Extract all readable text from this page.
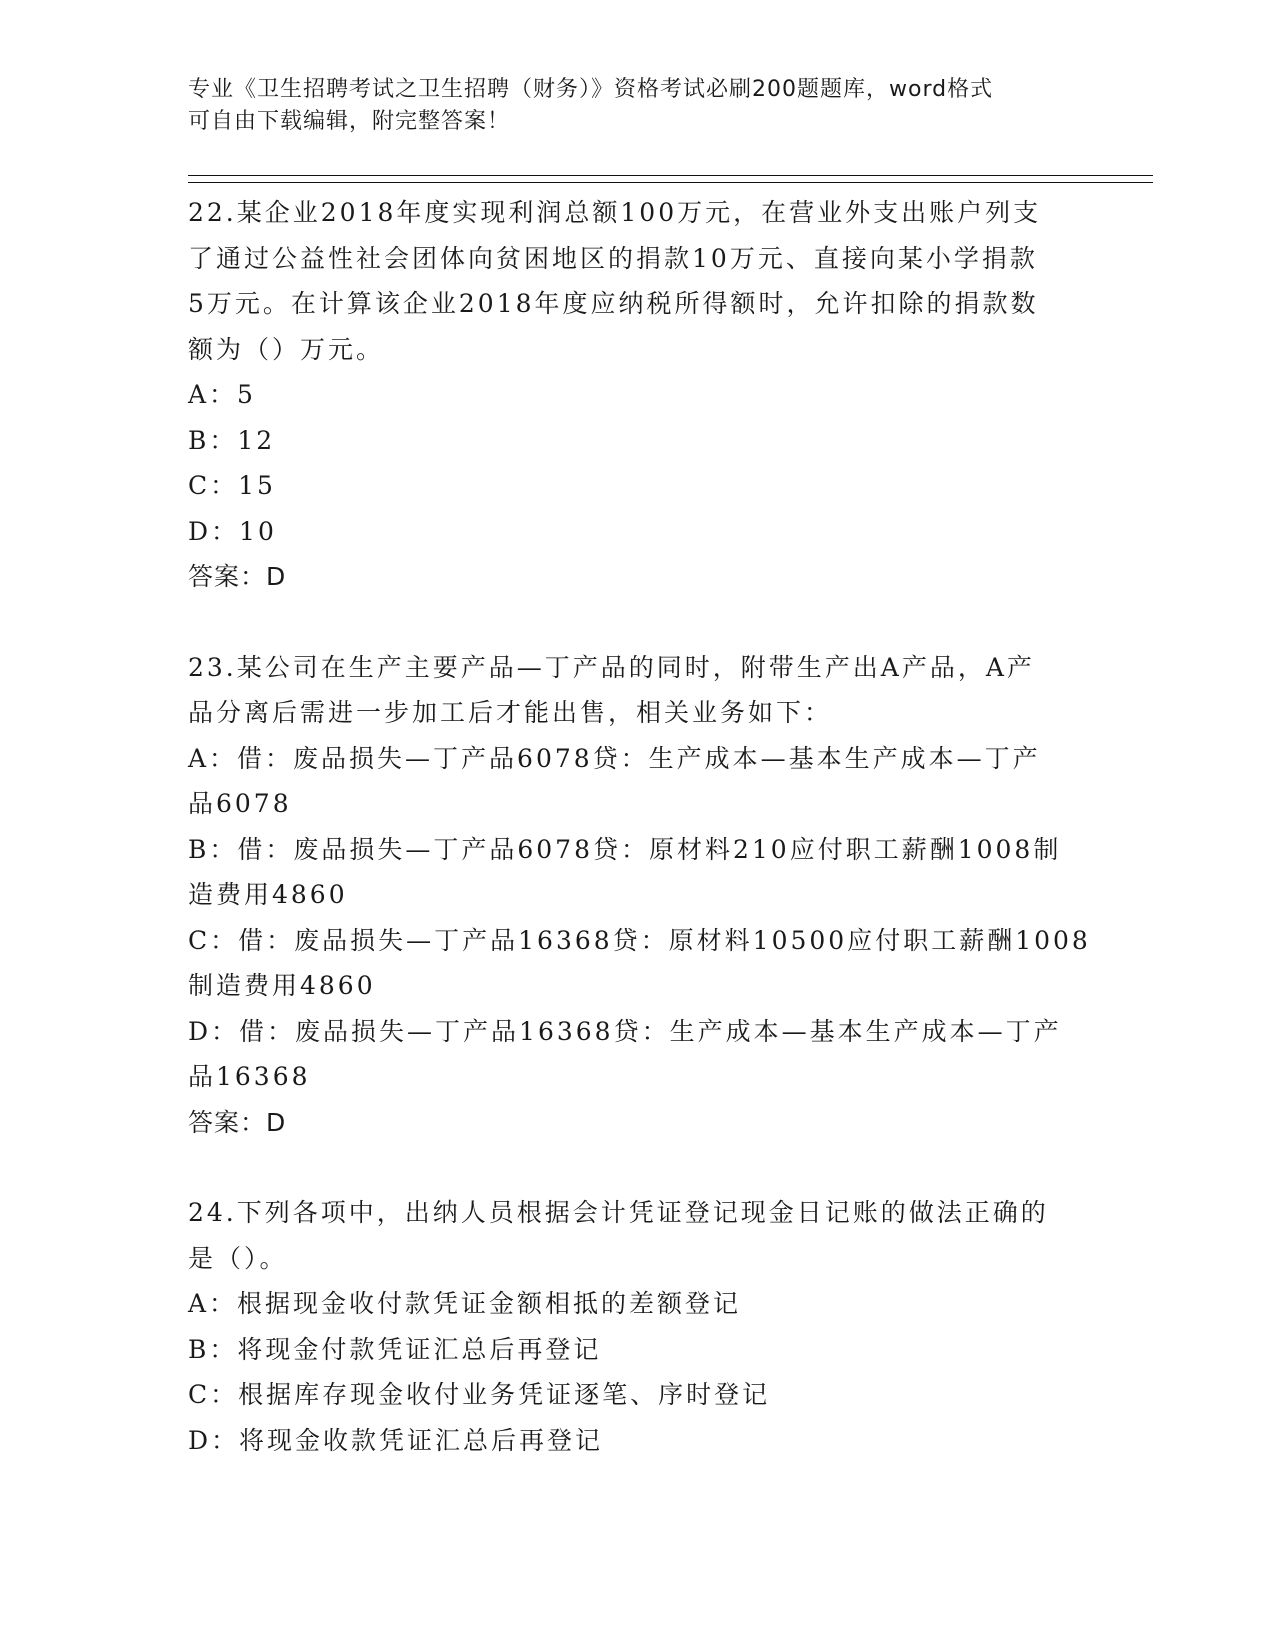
专业《卫生招聘考试之卫生招聘（财务）》资格考试必刷200题题库，word格式
可自由下载编辑，附完整答案！
22.某企业2018年度实现利润总额100万元，在营业外支出账户列支
了通过公益性社会团体向贫困地区的捐款10万元、直接向某小学捐款
5万元。在计算该企业2018年度应纳税所得额时，允许扣除的捐款数
额为（）万元。
A：5
B：12
C：15
D：10
答案：D
23.某公司在生产主要产品—丁产品的同时，附带生产出A产品，A产
品分离后需进一步加工后才能出售，相关业务如下：
A：借：废品损失—丁产品6078贷：生产成本—基本生产成本—丁产
品6078
B：借：废品损失—丁产品6078贷：原材料210应付职工薪酬1008制
造费用4860
C：借：废品损失—丁产品16368贷：原材料10500应付职工薪酬1008
制造费用4860
D：借：废品损失—丁产品16368贷：生产成本—基本生产成本—丁产
品16368
答案：D
24.下列各项中，出纳人员根据会计凭证登记现金日记账的做法正确的
是（）。
A：根据现金收付款凭证金额相抵的差额登记
B：将现金付款凭证汇总后再登记
C：根据库存现金收付业务凭证逐笔、序时登记
D：将现金收款凭证汇总后再登记
